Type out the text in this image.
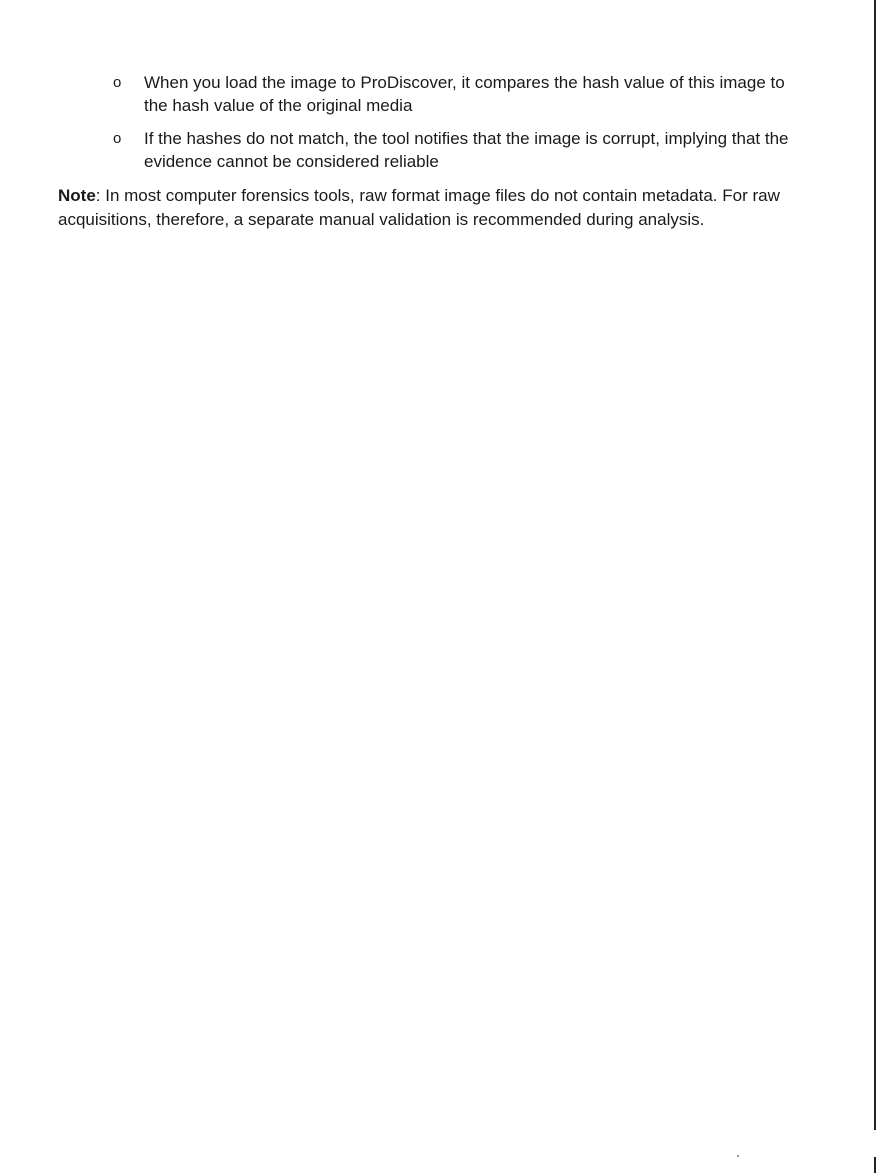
o	When you load the image to ProDiscover, it compares the hash value of this image to the hash value of the original media
o	If the hashes do not match, the tool notifies that the image is corrupt, implying that the evidence cannot be considered reliable

Note: In most computer forensics tools, raw format image files do not contain metadata. For raw acquisitions, therefore, a separate manual validation is recommended during analysis.
